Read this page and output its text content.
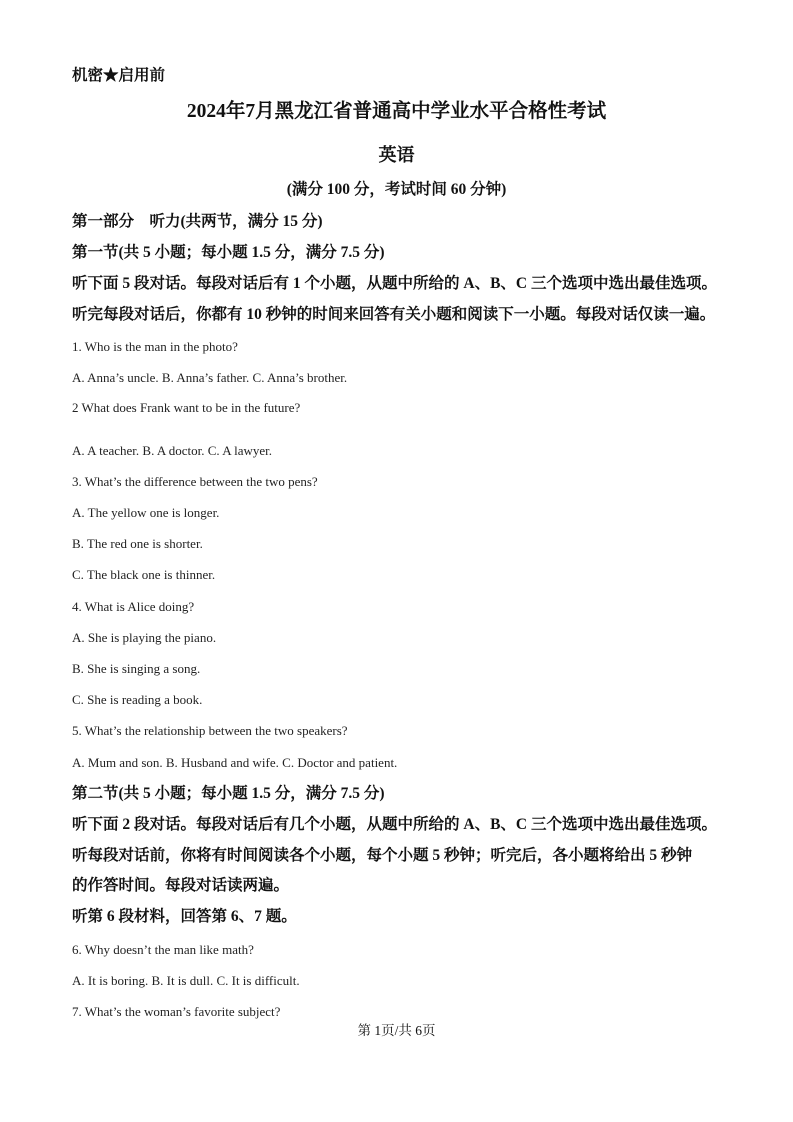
机密★启用前
2024年7月黑龙江省普通高中学业水平合格性考试
英语
(满分 100 分，考试时间 60 分钟)
第一部分　听力(共两节，满分 15 分)
第一节(共 5 小题；每小题 1.5 分，满分 7.5 分)
听下面 5 段对话。每段对话后有 1 个小题，从题中所给的 A、B、C 三个选项中选出最佳选项。
听完每段对话后，你都有 10 秒钟的时间来回答有关小题和阅读下一小题。每段对话仅读一遍。
1. Who is the man in the photo?
A. Anna’s uncle. B. Anna’s father. C. Anna’s brother.
2 What does Frank want to be in the future?
A. A teacher. B. A doctor. C. A lawyer.
3. What’s the difference between the two pens?
A. The yellow one is longer.
B. The red one is shorter.
C. The black one is thinner.
4. What is Alice doing?
A. She is playing the piano.
B. She is singing a song.
C. She is reading a book.
5. What’s the relationship between the two speakers?
A. Mum and son. B. Husband and wife. C. Doctor and patient.
第二节(共 5 小题；每小题 1.5 分，满分 7.5 分)
听下面 2 段对话。每段对话后有几个小题，从题中所给的 A、B、C 三个选项中选出最佳选项。
听每段对话前，你将有时间阅读各个小题，每个小题 5 秒钟；听完后，各小题将给出 5 秒钟
的作答时间。每段对话读两遍。
听第 6 段材料，回答第 6、7 题。
6. Why doesn’t the man like math?
A. It is boring. B. It is dull. C. It is difficult.
7. What’s the woman’s favorite subject?
第 1页/共 6页
